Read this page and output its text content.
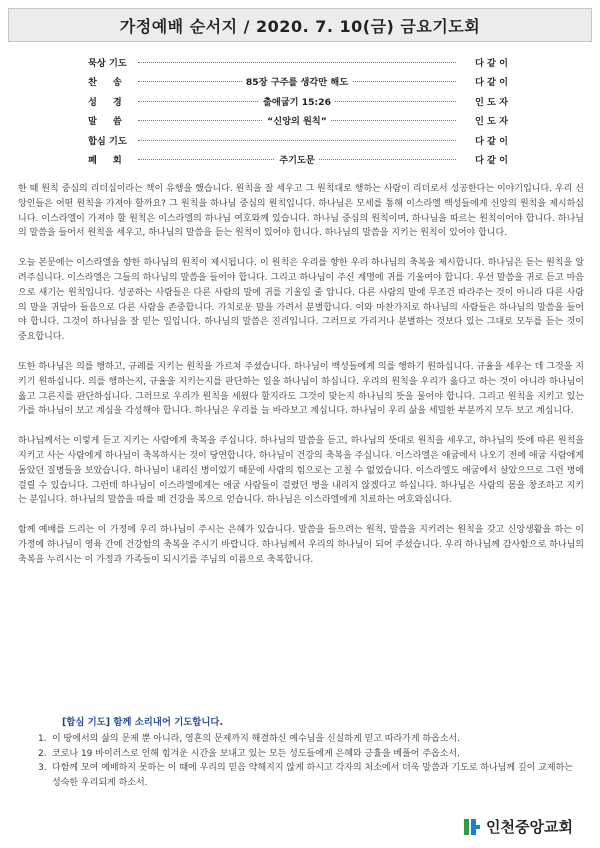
가정예배 순서지 / 2020. 7. 10(금) 금요기도회
묵상 기도	다 같 이
찬     송	85장 구주를 생각만 해도	다 같 이
성     경	출애굽기 15:26	인 도 자
말     씀	“신앙의 원칙”	인 도 자
합심 기도	다 같 이
폐     회	주기도문	다 같 이

한 때 원칙 중심의 리더십이라는 책이 유행을 했습니다. 원칙을 잘 세우고 그 원칙대로 행하는 사람이 리더로서 성공한다는 이야기입니다. 우리 신앙인들은 어떤 원칙을 가져야 할까요? 그 원칙을 하나님 중심의 원칙입니다. 하나님은 모세를 통해 이스라엘 백성들에게 신앙의 원칙을 제시하십니다. 이스라엘이 가져야 할 원칙은 이스라엘의 하나님 여호와께 있습니다. 하나님 중심의 원칙이며, 하나님을 따르는 원칙이어야 합니다. 하나님의 말씀을 들어서 원칙을 세우고, 하나님의 말씀을 듣는 원칙이 있어야 합니다. 하나님의 말씀을 지키는 원칙이 있어야 합니다.

오늘 본문에는 이스라엘을 향한 하나님의 원칙이 제시됩니다. 이 원칙은 우리를 향한 우리 하나님의 축복을 제시합니다. 하나님은 듣는 원칙을 알려주십니다. 이스라엘은 그들의 하나님의 말씀을 들어야 합니다. 그리고 하나님이 주신 계명에 귀를 기울여야 합니다. 우선 말씀을 귀로 듣고 마음으로 새기는 원칙입니다. 성공하는 사람들은 다른 사람의 말에 귀를 기울일 줄 압니다. 다른 사람의 말에 무조건 따라주는 것이 아니라 다른 사람의 말을 귀담아 들음으로 다른 사람을 존중합니다. 가치로운 말을 가려서 분별합니다. 이와 마찬가지로 하나님의 사람들은 하나님의 말씀을 들어야 합니다. 그것이 하나님을 잘 믿는 일입니다. 하나님의 말씀은 진리입니다. 그러므로 가리거나 분별하는 것보다 있는 그대로 모두를 듣는 것이 중요합니다.

또한 하나님은 의를 행하고, 규례를 지키는 원칙을 가르쳐 주셨습니다. 하나님이 백성들에게 의를 행하기 원하십니다. 규율을 세우는 데 그것을 지키기 원하십니다. 의를 행하는지, 규율을 지키는지를 판단하는 일을 하나님이 하십니다. 우리의 원칙을 우리가 옳다고 하는 것이 아니라 하나님이 옳고 그른지를 판단하십니다. 그러므로 우리가 원칙을 세웠다 할지라도 그것이 맞는지 하나님의 뜻을 물어야 합니다. 그리고 원칙을 지키고 있는가를 하나님이 보고 계심을 각성해야 합니다. 하나님은 우리를 늘 바라보고 계십니다. 하나님이 우리 삶을 세밀한 부분까지 모두 보고 계십니다.

하나님께서는 이렇게 듣고 지키는 사람에게 축복을 주십니다. 하나님의 말씀을 듣고, 하나님의 뜻대로 원칙을 세우고, 하나님의 뜻에 따른 원칙을 지키고 사는 사람에게 하나님이 축복하시는 것이 당연합니다. 하나님이 건강의 축복을 주십니다. 이스라엘은 애굽에서 나오기 전에 애굽 사람에게 돌았던 질병들을 보았습니다. 하나님이 내리신 병이었기 때문에 사람의 힘으로는 고칠 수 없었습니다. 이스라엘도 애굽에서 살았으므로 그런 병에 걸릴 수 있습니다. 그런데 하나님이 이스라엘에게는 애굽 사람들이 걸렸던 병을 내리지 않겠다고 하십니다. 하나님은 사람의 몸을 창조하고 지키는 분입니다. 하나님의 말씀을 따를 때 건강을 복으로 얻습니다. 하나님은 이스라엘에게 치료하는 여호와십니다.

함께 예배를 드리는 이 가정에 우리 하나님이 주시는 은혜가 있습니다. 말씀을 들으려는 원칙, 말씀을 지키려는 원칙을 갖고 신앙생활을 하는 이 가정에 하나님이 영육 간에 건강함의 축복을 주시기 바랍니다. 하나님께서 우리의 하나님이 되어 주셨습니다. 우리 하나님께 감사함으로 하나님의 축복을 누리시는 이 가정과 가족들이 되시기를 주님의 이름으로 축복합니다.

[합심 기도] 함께 소리내어 기도합니다.
1. 이 땅에서의 삶의 문제 뿐 아니라, 영혼의 문제까지 해결하신 예수님을 신실하게 믿고 따라가게 하옵소서.
2. 코로나 19 바이러스로 인해 힘겨운 시간을 보내고 있는 모든 성도들에게 은혜와 긍휼을 베풀어 주옵소서.
3. 다함께 모여 예배하지 못하는 이 때에 우리의 믿음 약해지지 않게 하시고 각자의 처소에서 더욱 말씀과 기도로 하나님께 깊이 교제하는 성숙한 우리되게 하소서.
인천중앙교회
